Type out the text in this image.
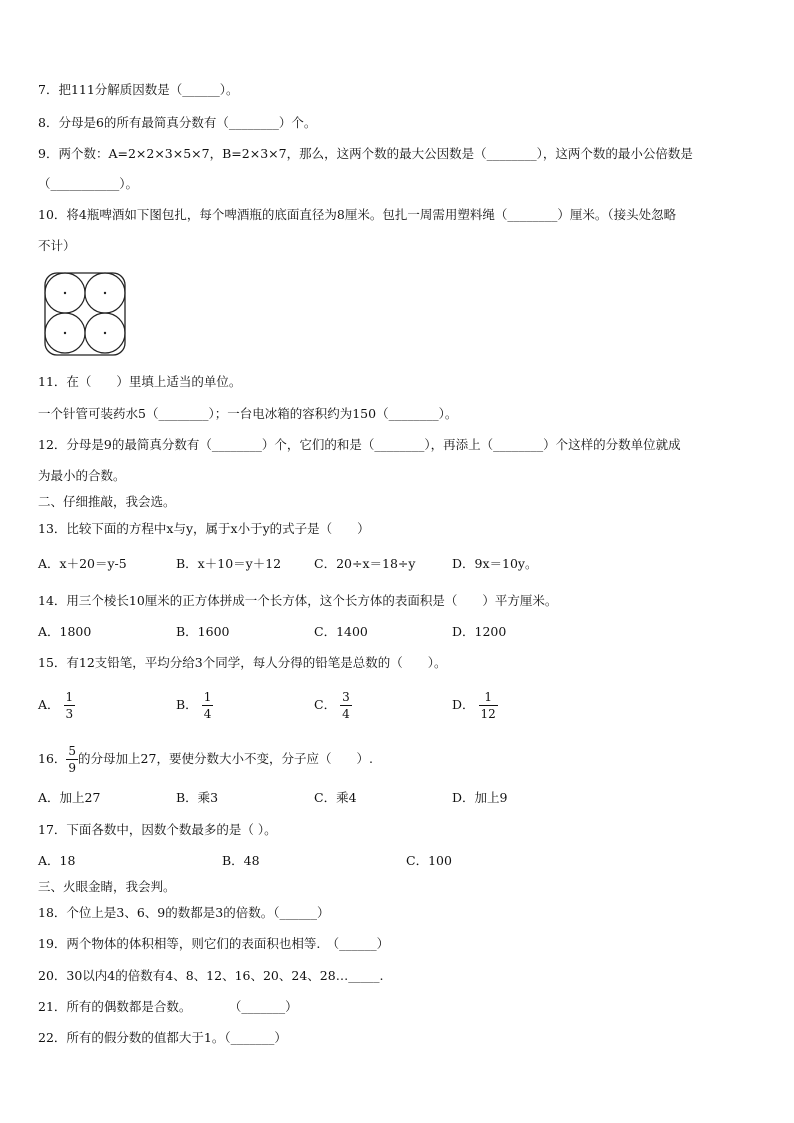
7．把111分解质因数是（______）。
8．分母是6的所有最简真分数有（________）个。
9．两个数：A=2×2×3×5×7，B=2×3×7，那么，这两个数的最大公因数是（________），这两个数的最小公倍数是
（___________）。
10．将4瓶啤酒如下图包扎，每个啤酒瓶的底面直径为8厘米。包扎一周需用塑料绳（________）厘米。（接头处忽略
不计）
11．在（　　）里填上适当的单位。
一个针管可装药水5（________）；一台电冰箱的容积约为150（________）。
12．分母是9的最简真分数有（________）个，它们的和是（________），再添上（________）个这样的分数单位就成
为最小的合数。
二、仔细推敲，我会选。
13．比较下面的方程中x与y，属于x小于y的式子是（　　）
A．x＋20＝y-5	B．x＋10＝y＋12	C．20÷x＝18÷y	D．9x＝10y。
14．用三个棱长10厘米的正方体拼成一个长方体，这个长方体的表面积是（　　）平方厘米。
A．1800	B．1600	C．1400	D．1200
15．有12支铅笔，平均分给3个同学，每人分得的铅笔是总数的（　　）。
A． $\frac{1}{3}$	B． $\frac{1}{4}$	C． $\frac{3}{4}$	D． $\frac{1}{12}$
16． $\frac{5}{9}$ 的分母加上27，要使分数大小不变，分子应（　　）.
A．加上27	B．乘3	C．乘4	D．加上9
17．下面各数中，因数个数最多的是（ ）。
A．18	B．48	C．100
三、火眼金睛，我会判。
18．个位上是3、6、9的数都是3的倍数。（______）
19．两个物体的体积相等，则它们的表面积也相等.　（______）
20．30以内4的倍数有4、8、12、16、20、24、28…_____.
21．所有的偶数都是合数。　　　　（_______）
22．所有的假分数的值都大于1。（_______）
